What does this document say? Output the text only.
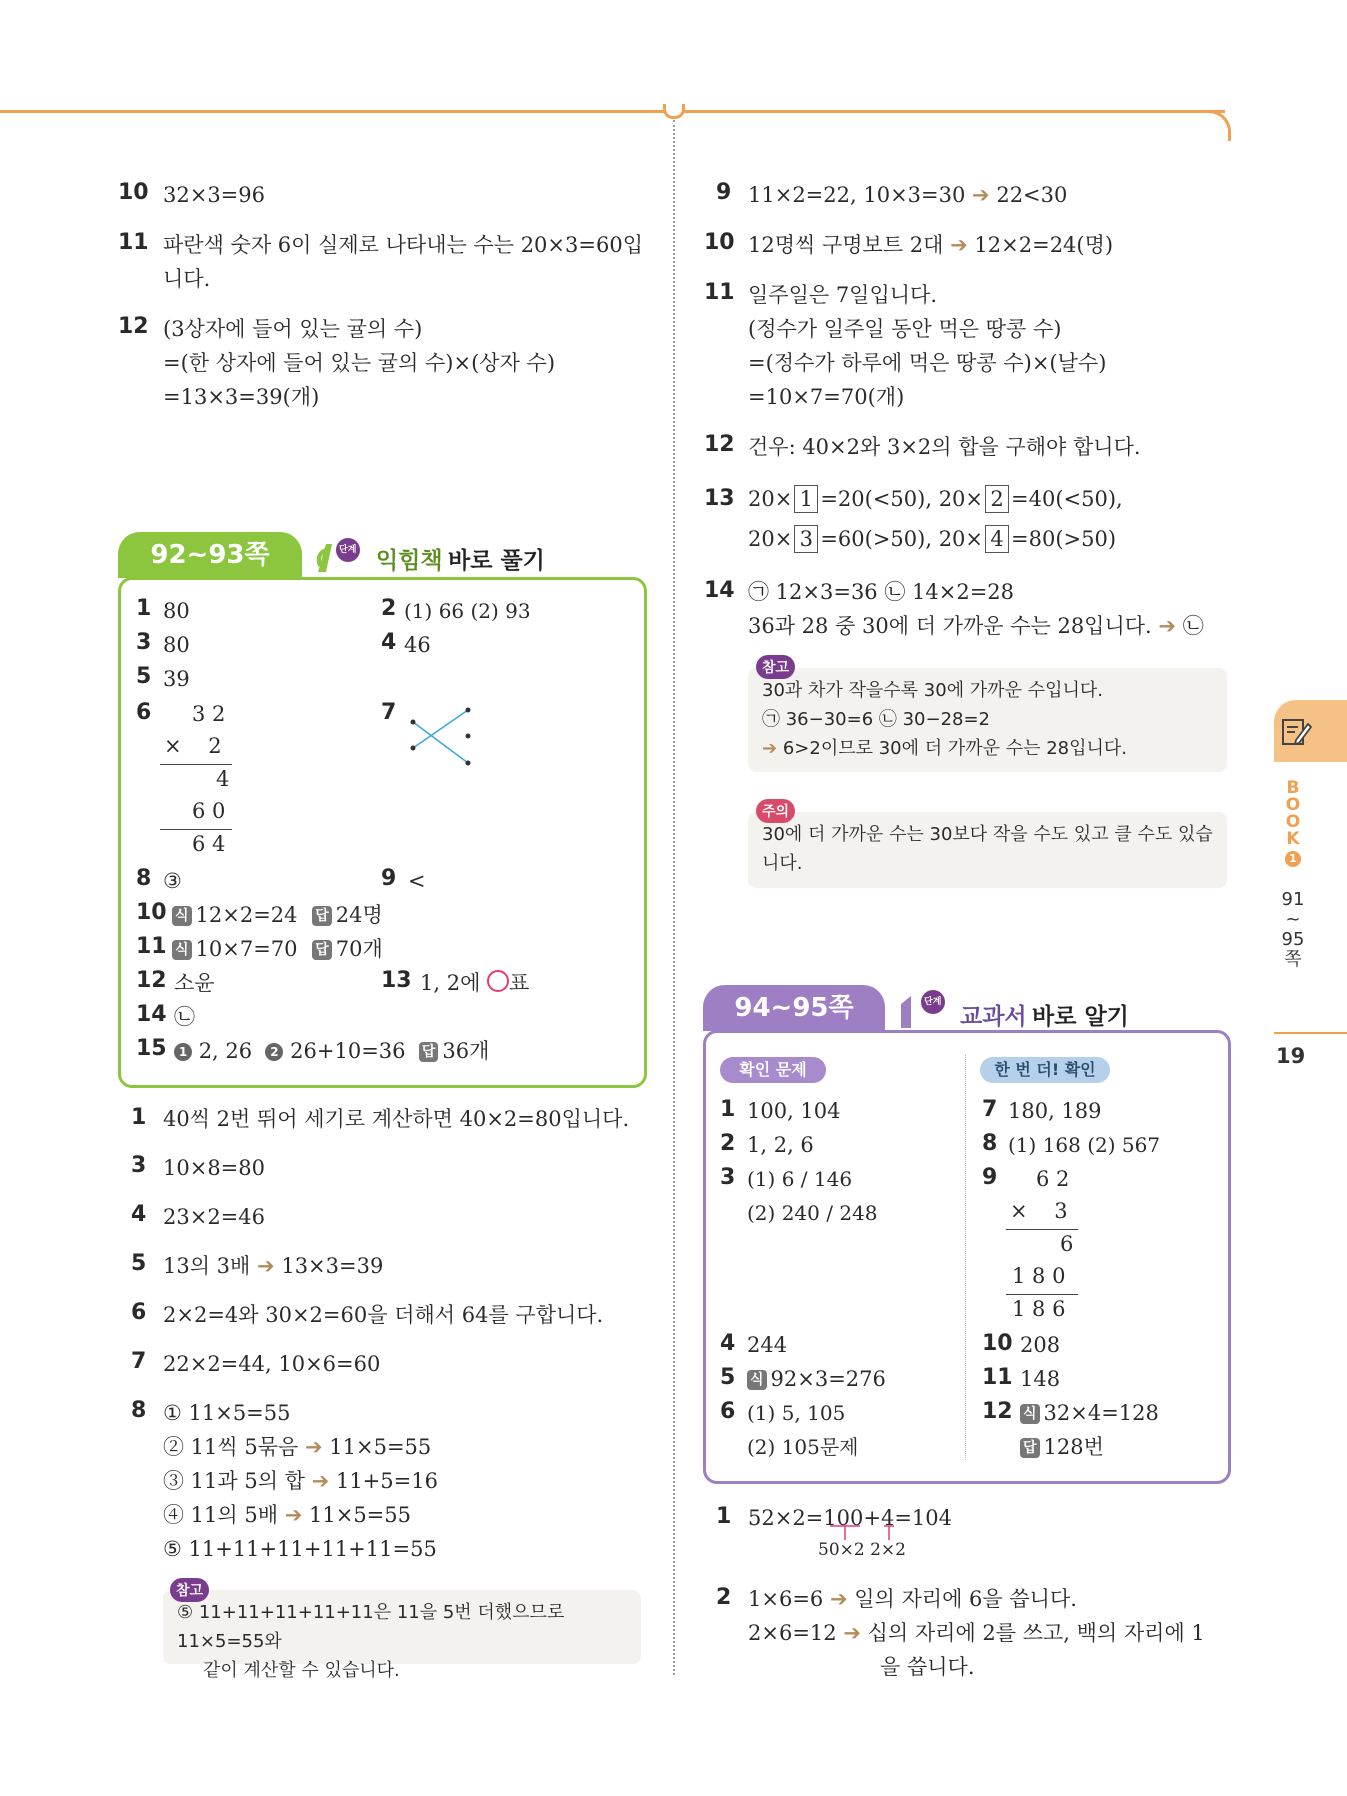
10 32×3=96
11 파란색 숫자 6이 실제로 나타내는 수는 20×3=60입
니다.
12 (3상자에 들어 있는 귤의 수)
=(한 상자에 들어 있는 귤의 수)×(상자 수)
=13×3=39(개)
92~93쪽	단계 익힘책 바로 풀기
1 80	2 (1) 66 (2) 93
3 80	4 46
5 39
6 3 2
×    2
4
6 0
6 4
7
8 ③	9 <
10 식 12×2=24 답 24명
11 식 10×7=70 답 70개
12 소윤	13 1, 2에 ○표
14 ㉡
15	1 2, 26 2 26+10=36 답 36개
1 40씩 2번 뛰어 세기로 계산하면 40×2=80입니다.
3 10×8=80
4 23×2=46
5 13의 3배 ➔ 13×3=39
6 2×2=4와 30×2=60을 더해서 64를 구합니다.
7 22×2=44, 10×6=60
8 ① 11×5=55
② 11씩 5묶음 ➔ 11×5=55
③ 11과 5의 합 ➔ 11+5=16
④ 11의 5배 ➔ 11×5=55
⑤ 11+11+11+11+11=55
⑤ 11+11+11+11+11은 11을 5번 더했으므로 11×5=55와
같이 계산할 수 있습니다.
참고
9 11×2=22, 10×3=30 ➔ 22<30
10 12명씩 구명보트 2대 ➔ 12×2=24(명)
11 일주일은 7일입니다.
(정수가 일주일 동안 먹은 땅콩 수)
=(정수가 하루에 먹은 땅콩 수)×(날수)
=10×7=70(개)
12 건우: 40×2와 3×2의 합을 구해야 합니다.
13 20× 1 =20(<50), 20× 2 =40(<50),
20× 3 =60(>50), 20× 4 =80(>50)
14 ㉠ 12×3=36 ㉡ 14×2=28
36과 28 중 30에 더 가까운 수는 28입니다. ➔ ㉡
30과 차가 작을수록 30에 가까운 수입니다.
㉠ 36−30=6 ㉡ 30−28=2
➔ 6>2이므로 30에 더 가까운 수는 28입니다.
참고
30에 더 가까운 수는 30보다 작을 수도 있고 클 수도 있습
니다.
주의
94~95쪽	단계
교과서 바로 알기
확인 문제	한 번 더! 확인
1 100, 104
2 1, 2, 6
3 (1) 6 / 146
(2) 240 / 248
4 244
5 식 92×3=276
6 (1) 5, 105
(2) 105문제
7 180, 189
8 (1) 168 (2) 567
9 6 2
×    3
6
1 8 0
1 8 6
10 208
11 148
12 식 32×4=128
답 128번
1 52×2=100+4=104
50×2 2×2
2 1×6=6 ➔ 일의 자리에 6을 씁니다.
2×6=12 ➔ 십의 자리에 2를 쓰고, 백의 자리에 1
을 씁니다.
B
O
O
K
1
91
~
95
쪽
19
